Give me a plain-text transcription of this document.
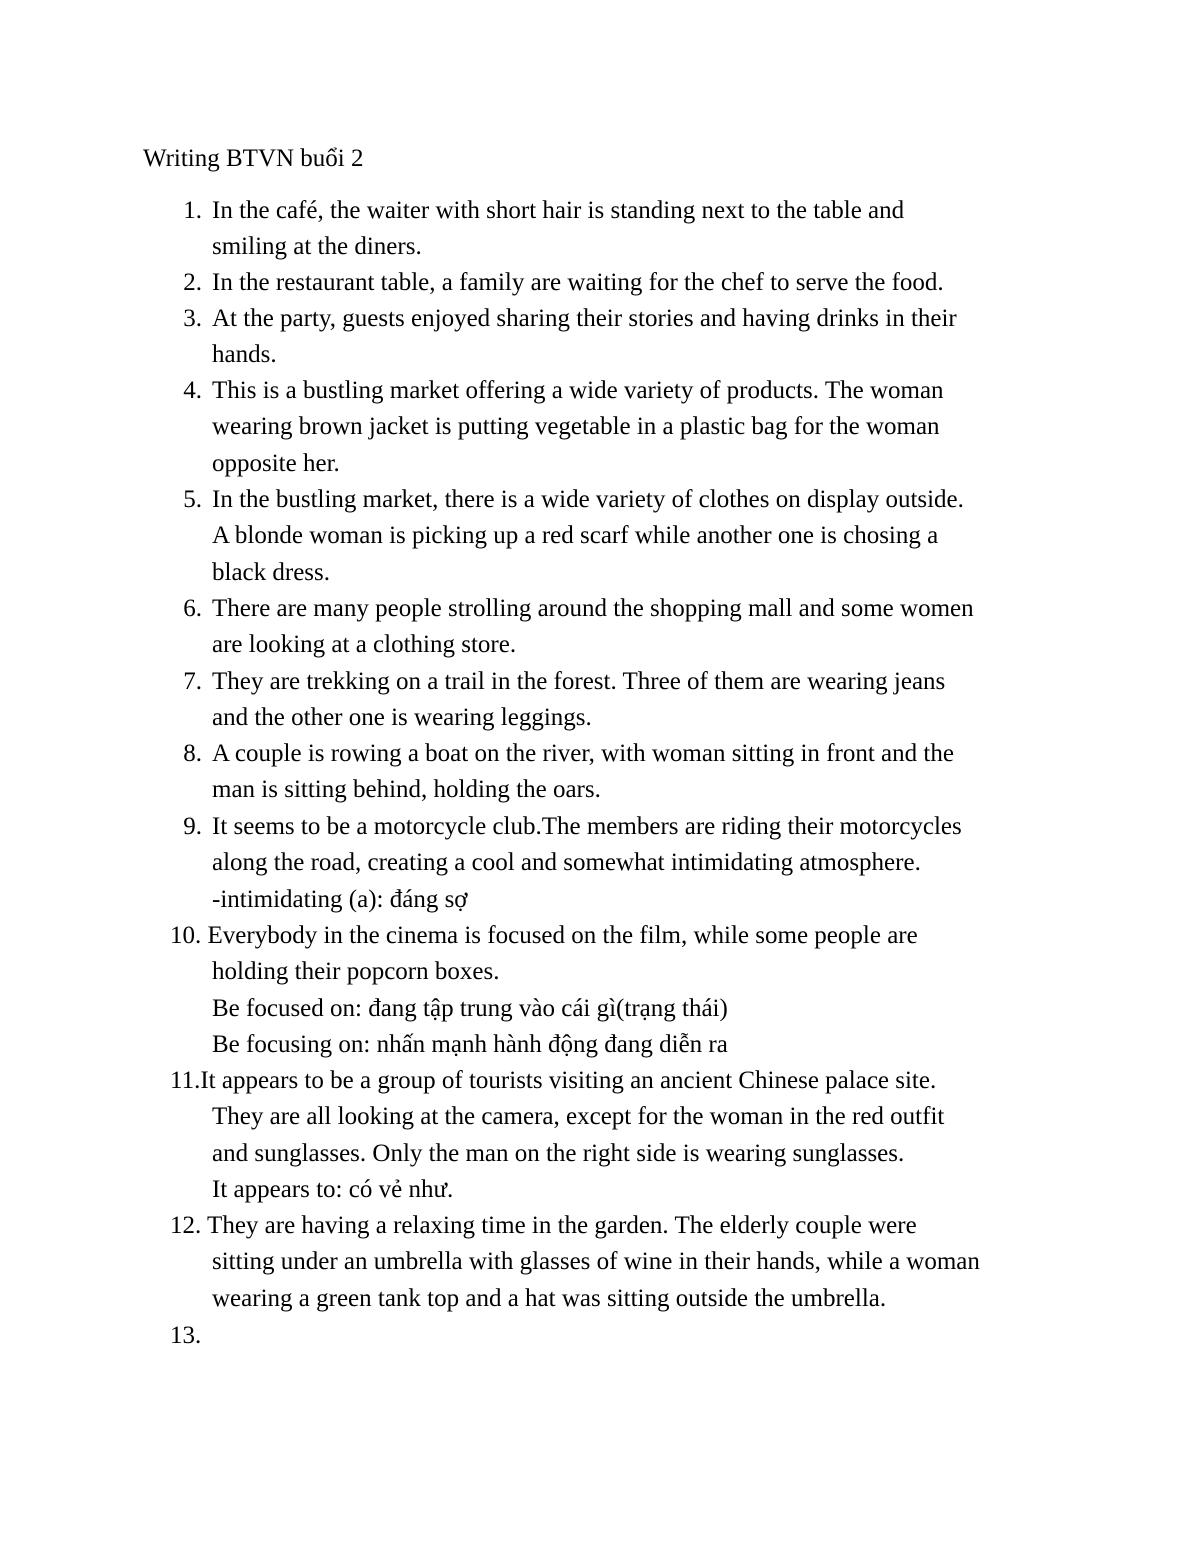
Writing BTVN buổi 2
1. In the café, the waiter with short hair is standing next to the table and
smiling at the diners.
2. In the restaurant table, a family are waiting for the chef to serve the food.
3. At the party, guests enjoyed sharing their stories and having drinks in their
hands.
4. This is a bustling market offering a wide variety of products. The woman
wearing brown jacket is putting vegetable in a plastic bag for the woman
opposite her.
5. In the bustling market, there is a wide variety of clothes on display outside.
A blonde woman is picking up a red scarf while another one is chosing a
black dress.
6. There are many people strolling around the shopping mall and some women
are looking at a clothing store.
7. They are trekking on a trail in the forest. Three of them are wearing jeans
and the other one is wearing leggings.
8. A couple is rowing a boat on the river, with woman sitting in front and the
man is sitting behind, holding the oars.
9. It seems to be a motorcycle club.The members are riding their motorcycles
along the road, creating a cool and somewhat intimidating atmosphere.
-intimidating (a): đáng sợ
10. Everybody in the cinema is focused on the film, while some people are
holding their popcorn boxes.
Be focused on: đang tập trung vào cái gì(trạng thái)
Be focusing on: nhấn mạnh hành động đang diễn ra
11.It appears to be a group of tourists visiting an ancient Chinese palace site.
They are all looking at the camera, except for the woman in the red outfit
and sunglasses. Only the man on the right side is wearing sunglasses.
It appears to: có vẻ như.
12. They are having a relaxing time in the garden. The elderly couple were
sitting under an umbrella with glasses of wine in their hands, while a woman
wearing a green tank top and a hat was sitting outside the umbrella.
13.
